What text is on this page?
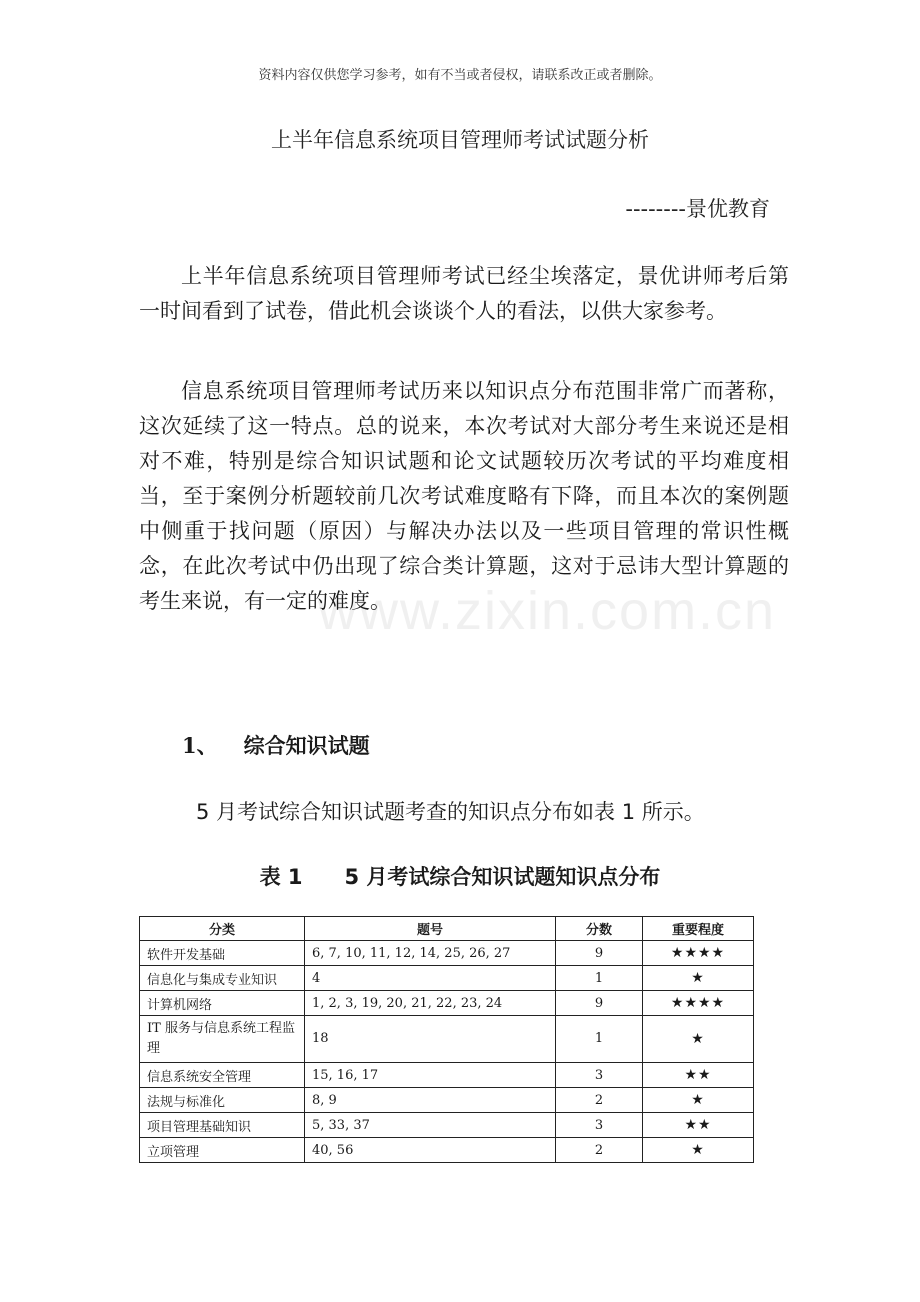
www.zixin.com.cn
资料内容仅供您学习参考，如有不当或者侵权，请联系改正或者删除。
上半年信息系统项目管理师考试试题分析
--------景优教育

上半年信息系统项目管理师考试已经尘埃落定，景优讲师考后第一时间看到了试卷，借此机会谈谈个人的看法，以供大家参考。

信息系统项目管理师考试历来以知识点分布范围非常广而著称，这次延续了这一特点。总的说来，本次考试对大部分考生来说还是相对不难，特别是综合知识试题和论文试题较历次考试的平均难度相当，至于案例分析题较前几次考试难度略有下降，而且本次的案例题中侧重于找问题（原因）与解决办法以及一些项目管理的常识性概念，在此次考试中仍出现了综合类计算题，这对于忌讳大型计算题的考生来说，有一定的难度。

1、 综合知识试题
5 月考试综合知识试题考查的知识点分布如表 1 所示。
表 1 5 月考试综合知识试题知识点分布
分类	题号	分数	重要程度
软件开发基础	6, 7, 10, 11, 12, 14, 25, 26, 27	9	★★★★
信息化与集成专业知识	4	1	★
计算机网络	1, 2, 3, 19, 20, 21, 22, 23, 24	9	★★★★
IT 服务与信息系统工程监理	18	1	★
信息系统安全管理	15, 16, 17	3	★★
法规与标准化	8, 9	2	★
项目管理基础知识	5, 33, 37	3	★★
立项管理	40, 56	2	★
